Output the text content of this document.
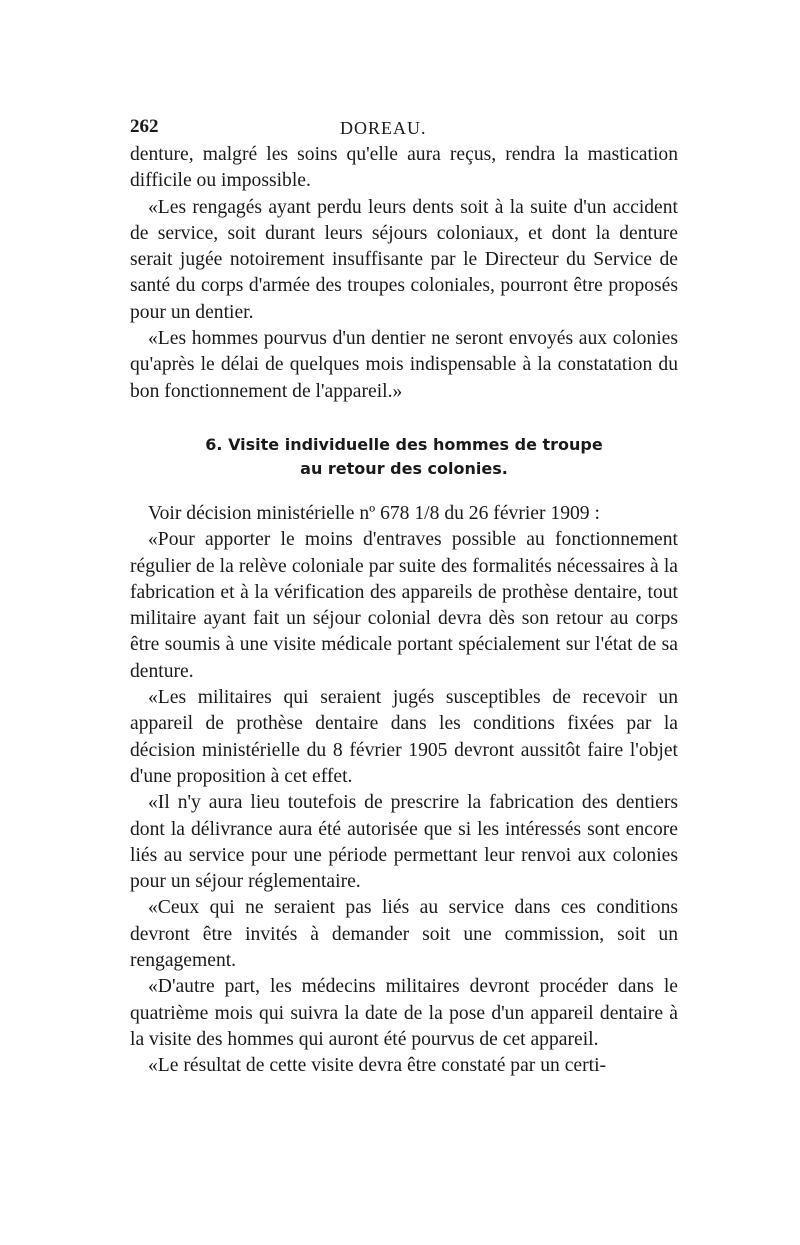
262	DOREAU.

denture, malgré les soins qu'elle aura reçus, rendra la mastication difficile ou impossible.

«Les rengagés ayant perdu leurs dents soit à la suite d'un accident de service, soit durant leurs séjours coloniaux, et dont la denture serait jugée notoirement insuffisante par le Directeur du Service de santé du corps d'armée des troupes coloniales, pourront être proposés pour un dentier.

«Les hommes pourvus d'un dentier ne seront envoyés aux colonies qu'après le délai de quelques mois indispensable à la constatation du bon fonctionnement de l'appareil.»

6. Visite individuelle des hommes de troupe
au retour des colonies.

Voir décision ministérielle nº 678 1/8 du 26 février 1909 :

«Pour apporter le moins d'entraves possible au fonctionnement régulier de la relève coloniale par suite des formalités nécessaires à la fabrication et à la vérification des appareils de prothèse dentaire, tout militaire ayant fait un séjour colonial devra dès son retour au corps être soumis à une visite médicale portant spécialement sur l'état de sa denture.

«Les militaires qui seraient jugés susceptibles de recevoir un appareil de prothèse dentaire dans les conditions fixées par la décision ministérielle du 8 février 1905 devront aussitôt faire l'objet d'une proposition à cet effet.

«Il n'y aura lieu toutefois de prescrire la fabrication des dentiers dont la délivrance aura été autorisée que si les intéressés sont encore liés au service pour une période permettant leur renvoi aux colonies pour un séjour réglementaire.

«Ceux qui ne seraient pas liés au service dans ces conditions devront être invités à demander soit une commission, soit un rengagement.

«D'autre part, les médecins militaires devront procéder dans le quatrième mois qui suivra la date de la pose d'un appareil dentaire à la visite des hommes qui auront été pourvus de cet appareil.

«Le résultat de cette visite devra être constaté par un certi-
